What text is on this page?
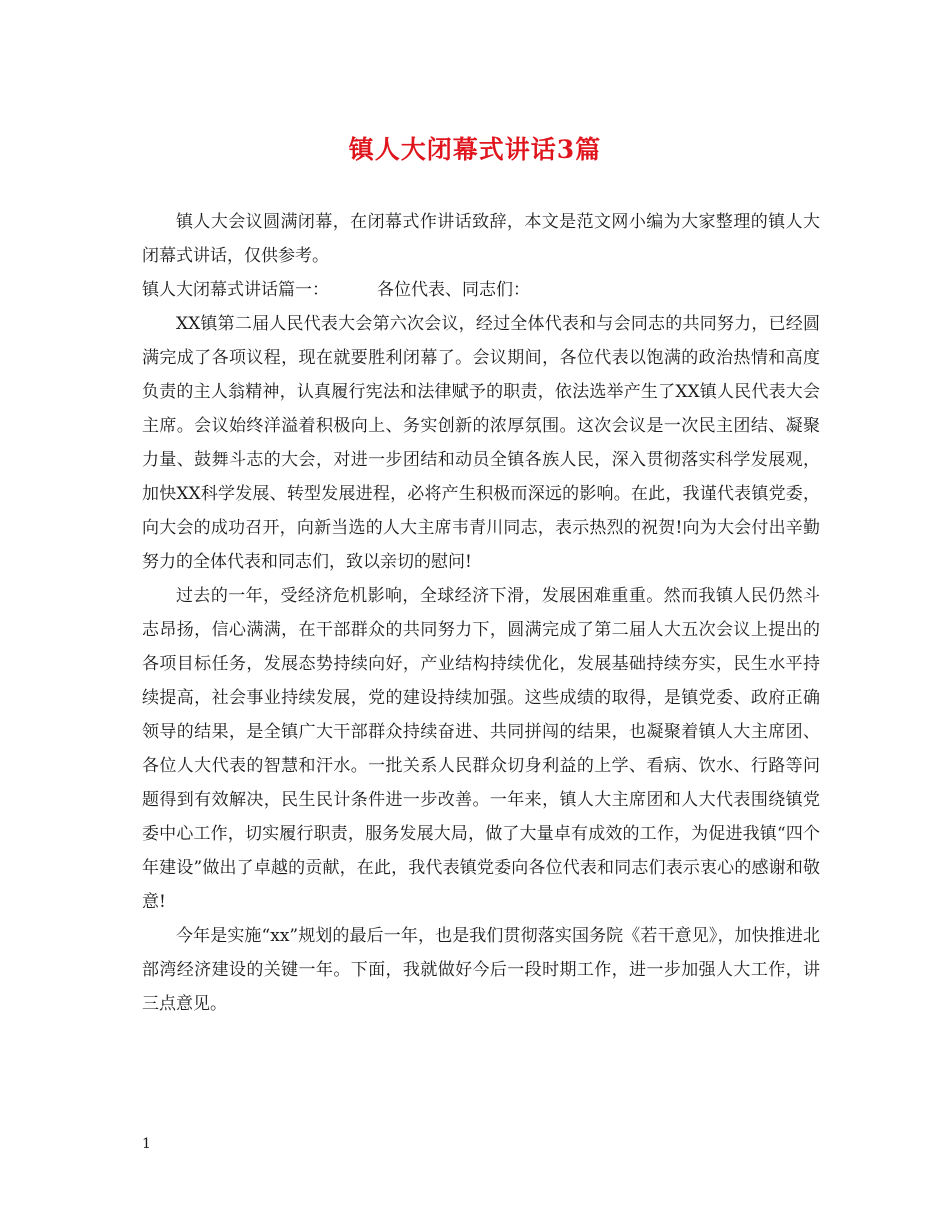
镇人大闭幕式讲话3篇

镇人大会议圆满闭幕，在闭幕式作讲话致辞，本文是范文网小编为大家整理的镇人大闭幕式讲话，仅供参考。

镇人大闭幕式讲话篇一：	各位代表、同志们：

XX镇第二届人民代表大会第六次会议，经过全体代表和与会同志的共同努力，已经圆满完成了各项议程，现在就要胜利闭幕了。会议期间，各位代表以饱满的政治热情和高度负责的主人翁精神，认真履行宪法和法律赋予的职责，依法选举产生了XX镇人民代表大会主席。会议始终洋溢着积极向上、务实创新的浓厚氛围。这次会议是一次民主团结、凝聚力量、鼓舞斗志的大会，对进一步团结和动员全镇各族人民，深入贯彻落实科学发展观，加快XX科学发展、转型发展进程，必将产生积极而深远的影响。在此，我谨代表镇党委，向大会的成功召开，向新当选的人大主席韦青川同志，表示热烈的祝贺!向为大会付出辛勤努力的全体代表和同志们，致以亲切的慰问!

过去的一年，受经济危机影响，全球经济下滑，发展困难重重。然而我镇人民仍然斗志昂扬，信心满满，在干部群众的共同努力下，圆满完成了第二届人大五次会议上提出的各项目标任务，发展态势持续向好，产业结构持续优化，发展基础持续夯实，民生水平持续提高，社会事业持续发展，党的建设持续加强。这些成绩的取得，是镇党委、政府正确领导的结果，是全镇广大干部群众持续奋进、共同拼闯的结果，也凝聚着镇人大主席团、各位人大代表的智慧和汗水。一批关系人民群众切身利益的上学、看病、饮水、行路等问题得到有效解决，民生民计条件进一步改善。一年来，镇人大主席团和人大代表围绕镇党委中心工作，切实履行职责，服务发展大局，做了大量卓有成效的工作，为促进我镇“四个年建设”做出了卓越的贡献，在此，我代表镇党委向各位代表和同志们表示衷心的感谢和敬意!

今年是实施“xx”规划的最后一年，也是我们贯彻落实国务院《若干意见》，加快推进北部湾经济建设的关键一年。下面，我就做好今后一段时期工作，进一步加强人大工作，讲三点意见。

1
